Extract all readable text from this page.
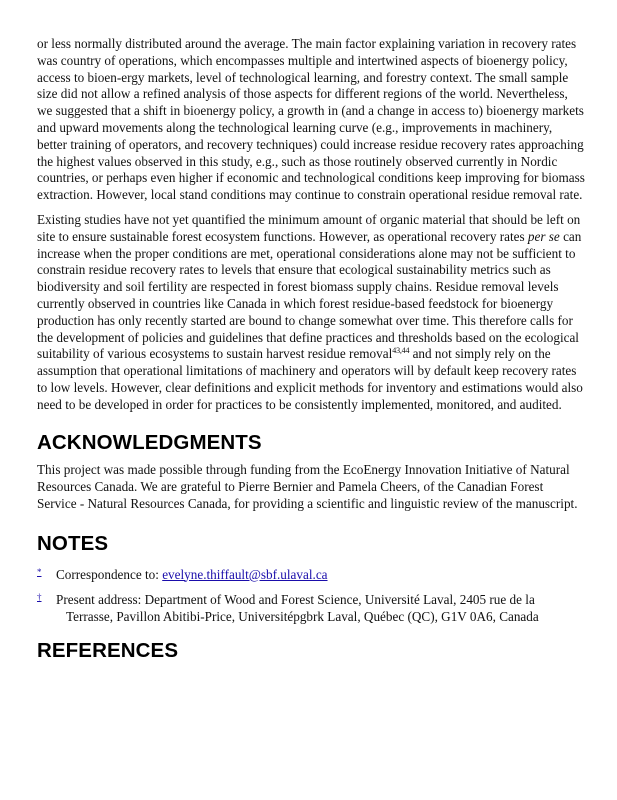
or less normally distributed around the average. The main factor explaining variation in recovery rates was country of operations, which encompasses multiple and intertwined aspects of bioenergy policy, access to bioen-ergy markets, level of technological learning, and forestry context. The small sample size did not allow a refined analysis of those aspects for different regions of the world. Nevertheless, we suggested that a shift in bioenergy policy, a growth in (and a change in access to) bioenergy markets and upward movements along the technological learning curve (e.g., improvements in machinery, better training of operators, and recovery techniques) could increase residue recovery rates approaching the highest values observed in this study, e.g., such as those routinely observed currently in Nordic countries, or perhaps even higher if economic and technological conditions keep improving for biomass extraction. However, local stand conditions may continue to constrain operational residue removal rate.

Existing studies have not yet quantified the minimum amount of organic material that should be left on site to ensure sustainable forest ecosystem functions. However, as operational recovery rates per se can increase when the proper conditions are met, operational considerations alone may not be sufficient to constrain residue recovery rates to levels that ensure that ecological sustainability metrics such as biodiversity and soil fertility are respected in forest biomass supply chains. Residue removal levels currently observed in countries like Canada in which forest residue-based feedstock for bioenergy production has only recently started are bound to change somewhat over time. This therefore calls for the development of policies and guidelines that define practices and thresholds based on the ecological suitability of various ecosystems to sustain harvest residue removal$^{43,44}$ and not simply rely on the assumption that operational limitations of machinery and operators will by default keep recovery rates to low levels. However, clear definitions and explicit methods for inventory and estimations would also need to be developed in order for practices to be consistently implemented, monitored, and audited.

ACKNOWLEDGMENTS

This project was made possible through funding from the EcoEnergy Innovation Initiative of Natural Resources Canada. We are grateful to Pierre Bernier and Pamela Cheers, of the Canadian Forest Service - Natural Resources Canada, for providing a scientific and linguistic review of the manuscript.

NOTES
* Correspondence to: evelyne.thiffault@sbf.ulaval.ca
† Present address: Department of Wood and Forest Science, Université Laval, 2405 rue de la
Terrasse, Pavillon Abitibi-Price, Universitépgbrk Laval, Québec (QC), G1V 0A6, Canada
REFERENCES
